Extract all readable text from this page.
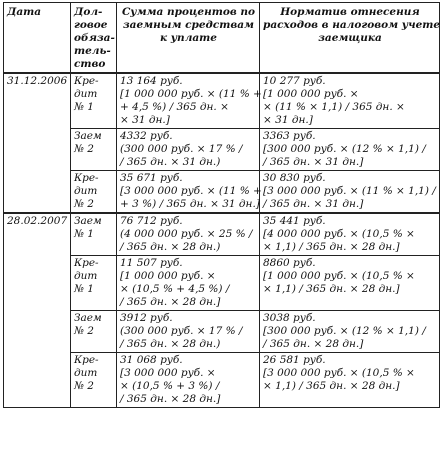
Дата	Дол-
говое
обяза-
тель-
ство	Сумма процентов по
заемным средствам
к уплате	Норматив отнесения
расходов в налоговом учете
заемщика

31.12.2006	Кре-
дит
№ 1	13 164 руб.
[1 000 000 руб. × (11 % +
+ 4,5 %) / 365 дн. ×
× 31 дн.]	10 277 руб.
[1 000 000 руб. ×
× (11 % × 1,1) / 365 дн. ×
× 31 дн.]

	Заем
№ 2	4332 руб.
(300 000 руб. × 17 % /
/ 365 дн. × 31 дн.)	3363 руб.
[300 000 руб. × (12 % × 1,1) /
/ 365 дн. × 31 дн.]

	Кре-
дит
№ 2	35 671 руб.
[3 000 000 руб. × (11 % +
+ 3 %) / 365 дн. × 31 дн.]	30 830 руб.
[3 000 000 руб. × (11 % × 1,1) /
/ 365 дн. × 31 дн.]

28.02.2007	Заем
№ 1	76 712 руб.
(4 000 000 руб. × 25 % /
/ 365 дн. × 28 дн.)	35 441 руб.
[4 000 000 руб. × (10,5 % ×
× 1,1) / 365 дн. × 28 дн.]

	Кре-
дит
№ 1	11 507 руб.
[1 000 000 руб. ×
× (10,5 % + 4,5 %) /
/ 365 дн. × 28 дн.]	8860 руб.
[1 000 000 руб. × (10,5 % ×
× 1,1) / 365 дн. × 28 дн.]

	Заем
№ 2	3912 руб.
(300 000 руб. × 17 % /
/ 365 дн. × 28 дн.)	3038 руб.
[300 000 руб. × (12 % × 1,1) /
/ 365 дн. × 28 дн.]

	Кре-
дит
№ 2	31 068 руб.
[3 000 000 руб. ×
× (10,5 % + 3 %) /
/ 365 дн. × 28 дн.]	26 581 руб.
[3 000 000 руб. × (10,5 % ×
× 1,1) / 365 дн. × 28 дн.]
